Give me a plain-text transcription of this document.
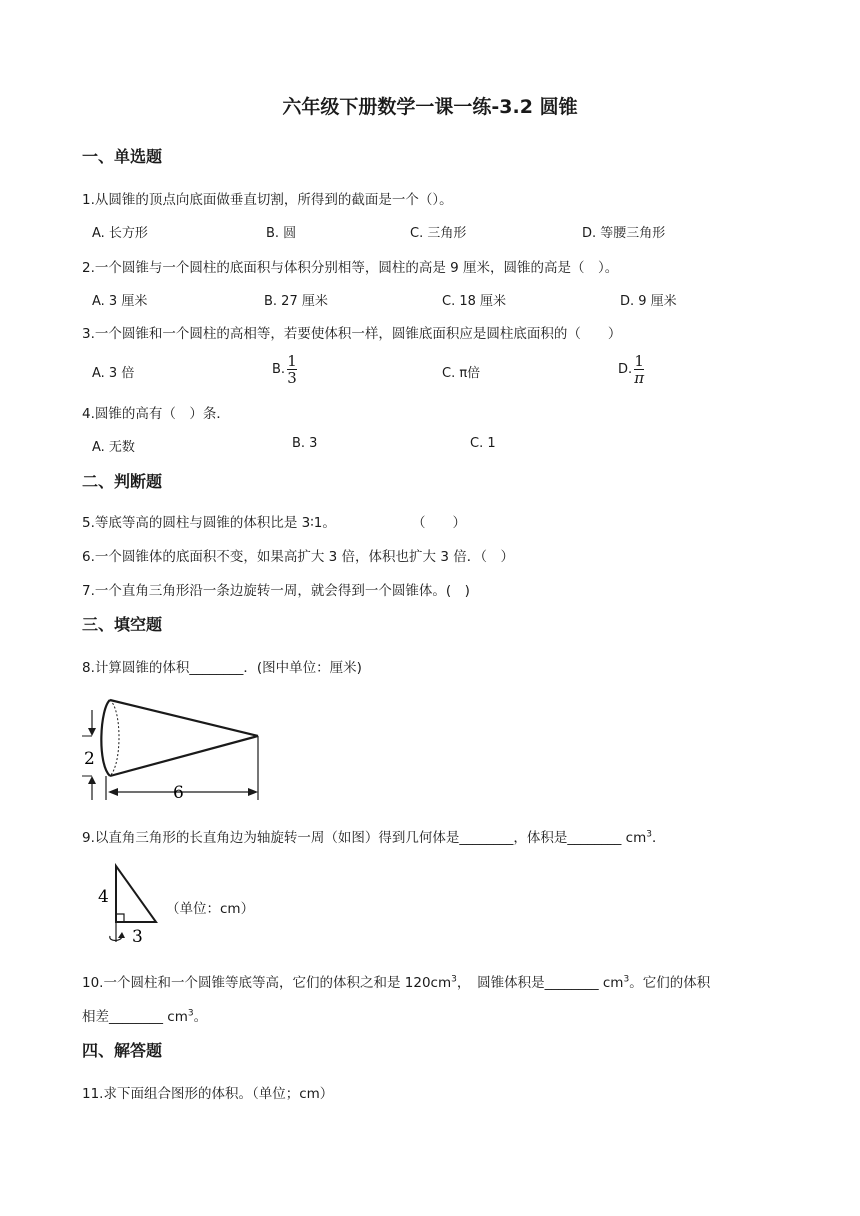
六年级下册数学一课一练-3.2 圆锥
一、单选题
1.从圆锥的顶点向底面做垂直切割，所得到的截面是一个（）。
A. 长方形	B. 圆	C. 三角形	D. 等腰三角形
2.一个圆锥与一个圆柱的底面积与体积分别相等，圆柱的高是 9 厘米，圆锥的高是（　）。
A. 3 厘米	B. 27 厘米	C. 18 厘米	D. 9 厘米
3.一个圆锥和一个圆柱的高相等，若要使体积一样，圆锥底面积应是圆柱底面积的（　　）
A. 3 倍	B. $\frac{1}{3}$	C. π倍	D. $\frac{1}{\pi}$
4.圆锥的高有（　）条．
A. 无数	B. 3	C. 1
二、判断题
5.等底等高的圆柱与圆锥的体积比是 3∶1。	（　　）
6.一个圆锥体的底面积不变，如果高扩大 3 倍，体积也扩大 3 倍．（　）
7.一个直角三角形沿一条边旋转一周，就会得到一个圆锥体。(　)
三、填空题
8.计算圆锥的体积________．(图中单位：厘米)
2
6
9.以直角三角形的长直角边为轴旋转一周（如图）得到几何体是________，体积是________ $cm^3$．
4
3
（单位：cm）
10.一个圆柱和一个圆锥等底等高，它们的体积之和是 $120cm^3$，　圆锥体积是________ $cm^3$。它们的体积
相差________ $cm^3$。
四、解答题
11.求下面组合图形的体积。（单位；cm）
